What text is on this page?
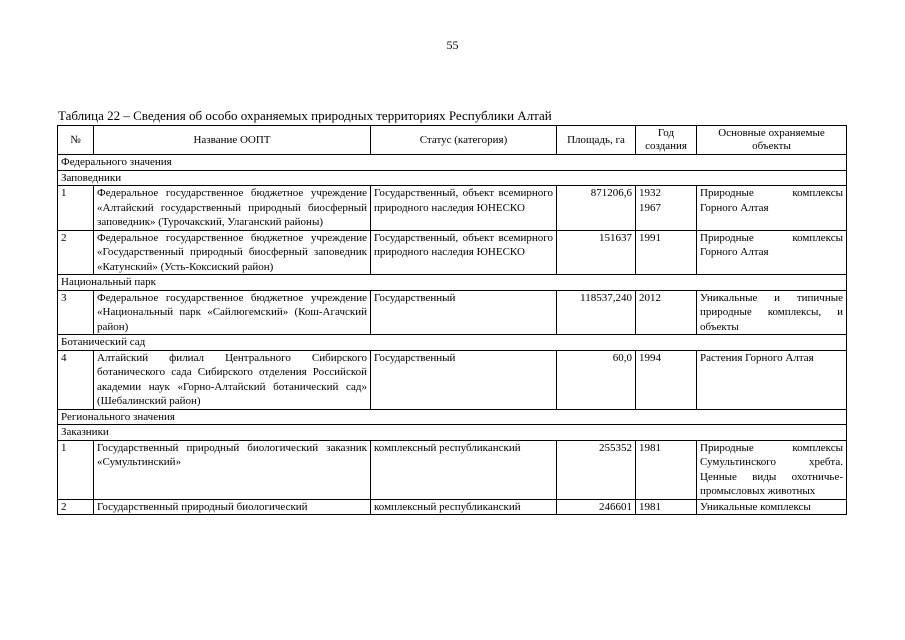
55
Таблица 22 – Сведения об особо охраняемых природных территориях Республики Алтай
№	Название ООПТ	Статус (категория)	Площадь, га	Год создания	Основные охраняемые объекты
Федерального значения					
Заповедники					
1	Федеральное государственное бюджетное учреждение «Алтайский государственный природный биосферный заповедник» (Турочакский, Улаганский районы)	Государственный, объект всемирного природного наследия ЮНЕСКО	871206,6	1932 1967	Природные комплексы Горного Алтая
2	Федеральное государственное бюджетное учреждение «Государственный природный биосферный заповедник «Катунский» (Усть-Коксиский район)	Государственный, объект всемирного природного наследия ЮНЕСКО	151637	1991	Природные комплексы Горного Алтая
Национальный парк					
3	Федеральное государственное бюджетное учреждение «Национальный парк «Сайлюгемский» (Кош-Агачский район)	Государственный	118537,240	2012	Уникальные и типичные природные комплексы, и объекты
Ботанический сад					
4	Алтайский филиал Центрального Сибирского ботанического сада Сибирского отделения Российской академии наук «Горно-Алтайский ботанический сад» (Шебалинский район)	Государственный	60,0	1994	Растения Горного Алтая
Регионального значения					
Заказники					
1	Государственный природный биологический заказник «Сумультинский»	комплексный республиканский	255352	1981	Природные комплексы Сумультинского хребта. Ценные виды охотничье-промысловых животных
2	Государственный природный биологический	комплексный республиканский	246601	1981	Уникальные комплексы
